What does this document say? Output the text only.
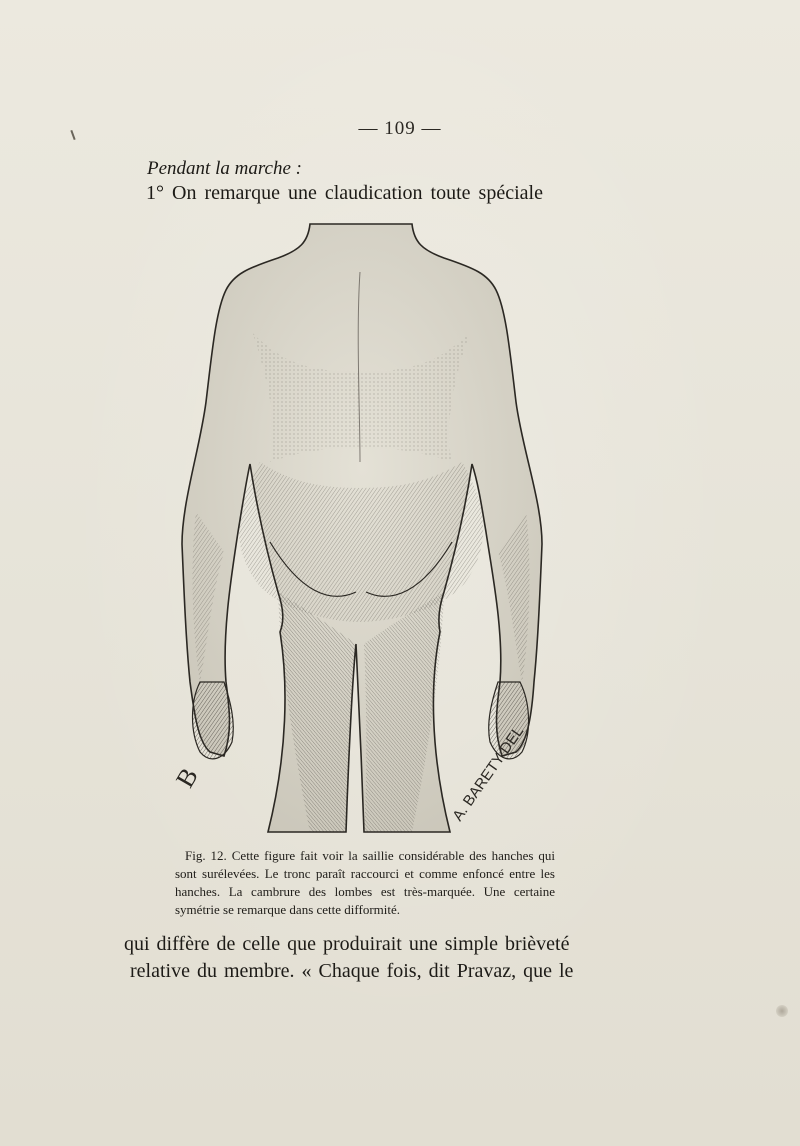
— 109 —
Pendant la marche :
1° On remarque une claudication toute spéciale
B	A. BARETY DEL
Fig. 12. Cette figure fait voir la saillie considérable des hanches qui sont surélevées. Le tronc paraît raccourci et comme enfoncé entre les hanches. La cambrure des lombes est très-marquée. Une certaine symétrie se remarque dans cette difformité.
qui diffère de celle que produirait une simple brièveté
relative du membre. « Chaque fois, dit Pravaz, que le
